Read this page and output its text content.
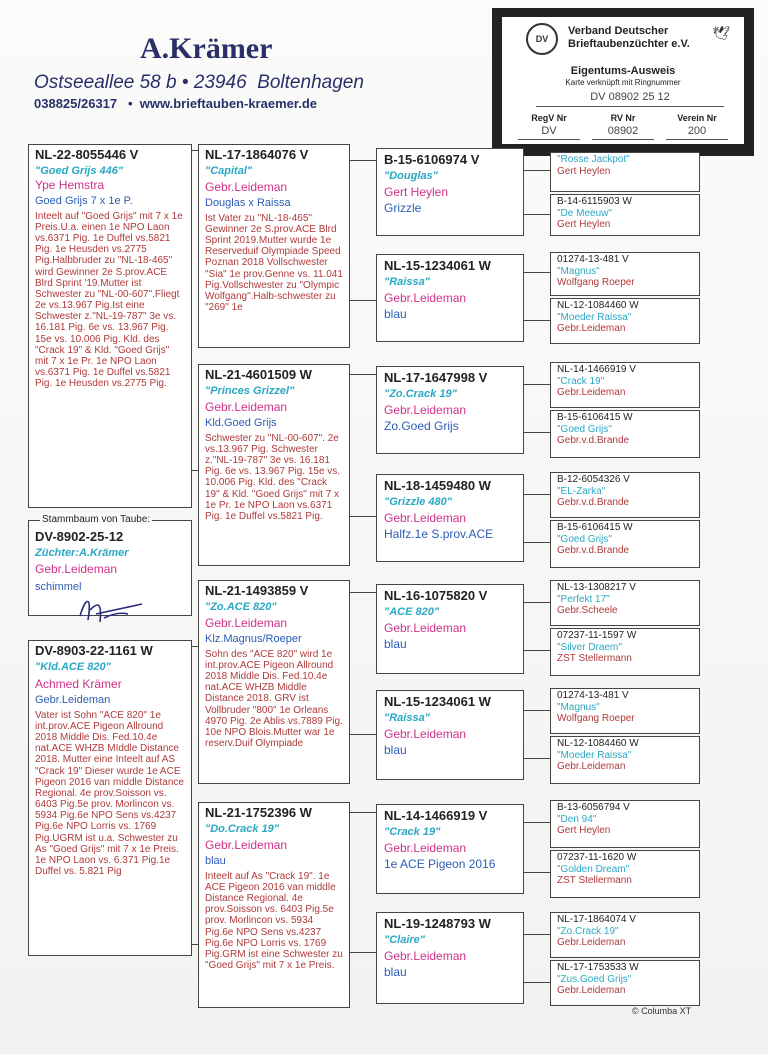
A.Krämer
Ostseeallee 58 b • 23946  Boltenhagen
038825/26317   •  www.brieftauben-kraemer.de
DV
Verband Deutscher
Brieftaubenzüchter e.V.
🕊
Eigentums-Ausweis
Karte verknüpft mit Ringnummer
DV 08902 25 12
RegV Nr
DV
RV Nr
08902
Verein Nr
200
NL-22-8055446 V
"Goed Grijs 446"
Ype Hemstra
Goed Grijs 7 x 1e P.
Inteelt auf "Goed Grijs" mit 7 x 1e Preis.U.a. einen 1e NPO Laon vs.6371 Pig. 1e Duffel vs.5821 Pig. 1e Heusden vs.2775 Pig.Halbbruder zu "NL-18-465" wird Gewinner 2e S.prov.ACE Blrd Sprint '19.Mutter ist Schwester zu "NL-00-607".Fliegt 2e vs.13.967 Pig.Ist eine Schwester z."NL-19-787" 3e vs. 16.181 Pig. 6e vs. 13.967 Pig. 15e vs. 10.006 Pig. Kld. des "Crack 19" & Kld. "Goed Grijs" mit 7 x 1e Pr. 1e NPO Laon vs.6371 Pig. 1e Duffel vs.5821 Pig. 1e Heusden vs.2775 Pig.
DV-8902-25-12
Züchter:A.Krämer
Gebr.Leideman
schimmel
Stammbaum von Taube:
DV-8903-22-1161 W
"Kld.ACE 820"
Achmed Krämer
Gebr.Leideman
Vater ist Sohn "ACE 820" 1e int.prov.ACE Pigeon Allround 2018 Middle Dis. Fed.10.4e nat.ACE WHZB MIddle Distance 2018. Mutter eine Inteelt auf AS "Crack 19" Dieser wurde 1e ACE Pigeon 2016 van middle Distance Regional. 4e prov.Soisson vs. 6403 Pig.5e prov. Morlincon vs. 5934 Pig.6e NPO Sens vs.4237 Pig.6e NPO Lorris vs. 1769 Pig.UGRM ist u.a. Schwester zu As "Goed Grijs" mit 7 x 1e Preis. 1e NPO Laon vs. 6.371 Pig.1e Duffel vs. 5.821 Pig
NL-17-1864076 V
"Capital"
Gebr.Leideman
Douglas x Raissa
Ist Vater zu "NL-18-465" Gewinner 2e S.prov.ACE Blrd Sprint 2019.Mutter wurde 1e Reserveduif Olympiade Speed Poznan 2018 Vollschwester "Sia" 1e prov.Genne vs. 11.041 Pig.Vollschwester zu "Olympic Wolfgang".Halb-schwester zu "269" 1e
NL-21-4601509 W
"Princes Grizzel"
Gebr.Leideman
Kld.Goed Grijs
Schwester zu "NL-00-607". 2e vs.13.967 Pig. Schwester z."NL-19-787" 3e vs. 16.181 Pig. 6e vs. 13.967 Pig. 15e vs. 10.006 Pig. Kld. des "Crack 19" & Kld. "Goed Grijs" mit 7 x 1e Pr. 1e NPO Laon vs.6371 Pig. 1e Duffel vs.5821 Pig.
NL-21-1493859 V
"Zo.ACE 820"
Gebr.Leideman
Klz.Magnus/Roeper
Sohn des "ACE 820" wird 1e int.prov.ACE Pigeon Allround 2018 Middle Dis. Fed.10.4e nat.ACE WHZB Middle Distance 2018. GRV ist Vollbruder "800" 1e Orleans 4970 Pig. 2e Ablis vs.7889 Pig. 10e NPO Blois.Mutter war 1e reserv.Duif Olympiade
NL-21-1752396 W
"Do.Crack 19"
Gebr.Leideman
blau
Inteelt auf As "Crack 19". 1e ACE Pigeon 2016 van middle Distance Regional. 4e prov.Soisson vs. 6403 Pig.5e prov. Morlincon vs. 5934 Pig.6e NPO Sens vs.4237 Pig.6e NPO Lorris vs. 1769 Pig.GRM ist eine Schwester zu "Goed Grijs" mit 7 x 1e Preis.
B-15-6106974 V
"Douglas"
Gert Heylen
Grizzle
NL-15-1234061 W
"Raissa"
Gebr.Leideman
blau
NL-17-1647998 V
"Zo.Crack 19"
Gebr.Leideman
Zo.Goed Grijs
NL-18-1459480 W
"Grizzle 480"
Gebr.Leideman
Halfz.1e S.prov.ACE
NL-16-1075820 V
"ACE 820"
Gebr.Leideman
blau
NL-15-1234061 W
"Raissa"
Gebr.Leideman
blau
NL-14-1466919 V
"Crack 19"
Gebr.Leideman
1e ACE Pigeon 2016
NL-19-1248793 W
"Claire"
Gebr.Leideman
blau
"Rosse Jackpot"
Gert Heylen
B-14-6115903 W
"De Meeuw"
Gert Heylen
01274-13-481 V
"Magnus"
Wolfgang Roeper
NL-12-1084460 W
"Moeder Raissa"
Gebr.Leideman
NL-14-1466919 V
"Crack 19"
Gebr.Leideman
B-15-6106415 W
"Goed Grijs"
Gebr.v.d.Brande
B-12-6054326 V
"EL-Zarka"
Gebr.v.d.Brande
B-15-6106415 W
"Goed Grijs"
Gebr.v.d.Brande
NL-13-1308217 V
"Perfekt 17"
Gebr.Scheele
07237-11-1597 W
"Silver Draem"
ZST Stellermann
01274-13-481 V
"Magnus"
Wolfgang Roeper
NL-12-1084460 W
"Moeder Raissa"
Gebr.Leideman
B-13-6056794 V
"Den 94"
Gert Heylen
07237-11-1620 W
"Golden Dream"
ZST Stellermann
NL-17-1864074 V
"Zo.Crack 19"
Gebr.Leideman
NL-17-1753533 W
"Zus.Goed Grijs"
Gebr.Leideman
© Columba XT
